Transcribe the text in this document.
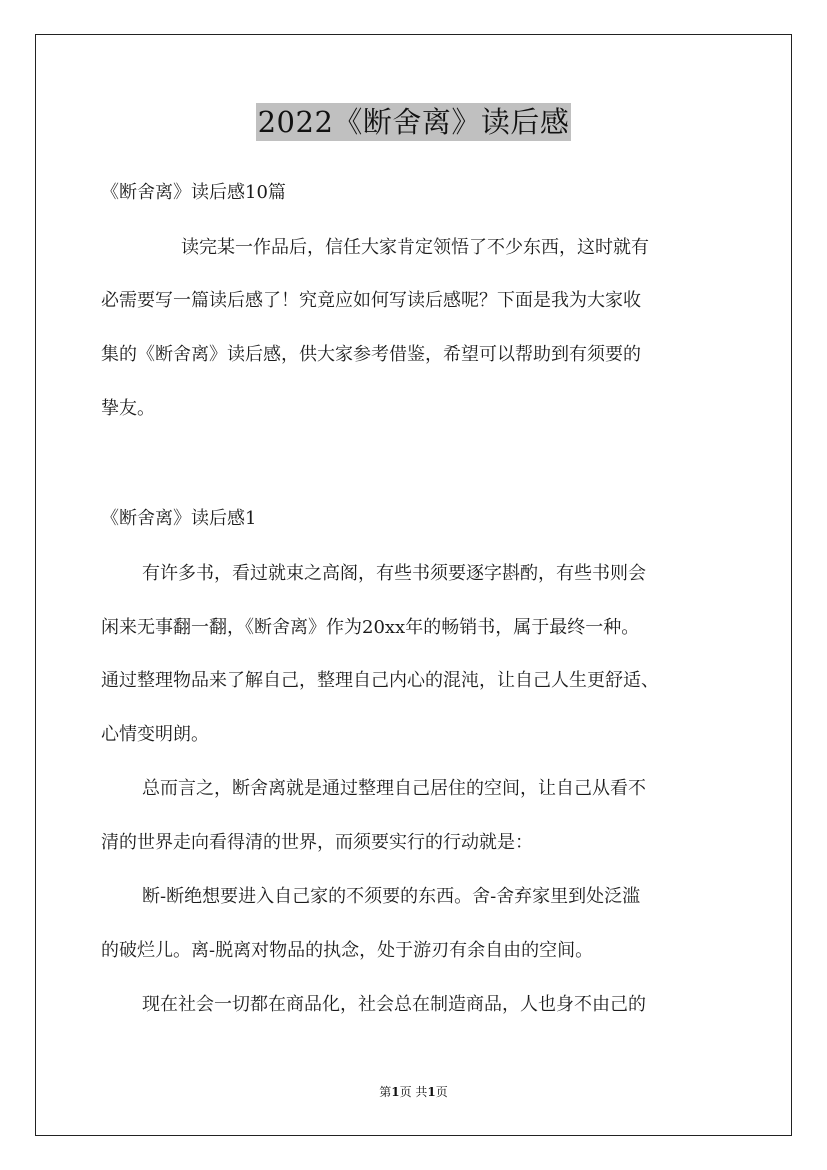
2022《断舍离》读后感
《断舍离》读后感10篇
读完某一作品后，信任大家肯定领悟了不少东西，这时就有
必需要写一篇读后感了！究竟应如何写读后感呢？下面是我为大家收
集的《断舍离》读后感，供大家参考借鉴，希望可以帮助到有须要的
挚友。
《断舍离》读后感1
有许多书，看过就束之高阁，有些书须要逐字斟酌，有些书则会
闲来无事翻一翻，《断舍离》作为20xx年的畅销书，属于最终一种。
通过整理物品来了解自己，整理自己内心的混沌，让自己人生更舒适、
心情变明朗。
总而言之，断舍离就是通过整理自己居住的空间，让自己从看不
清的世界走向看得清的世界，而须要实行的行动就是：
断-断绝想要进入自己家的不须要的东西。舍-舍弃家里到处泛滥
的破烂儿。离-脱离对物品的执念，处于游刃有余自由的空间。
现在社会一切都在商品化，社会总在制造商品，人也身不由己的
第1页 共1页
